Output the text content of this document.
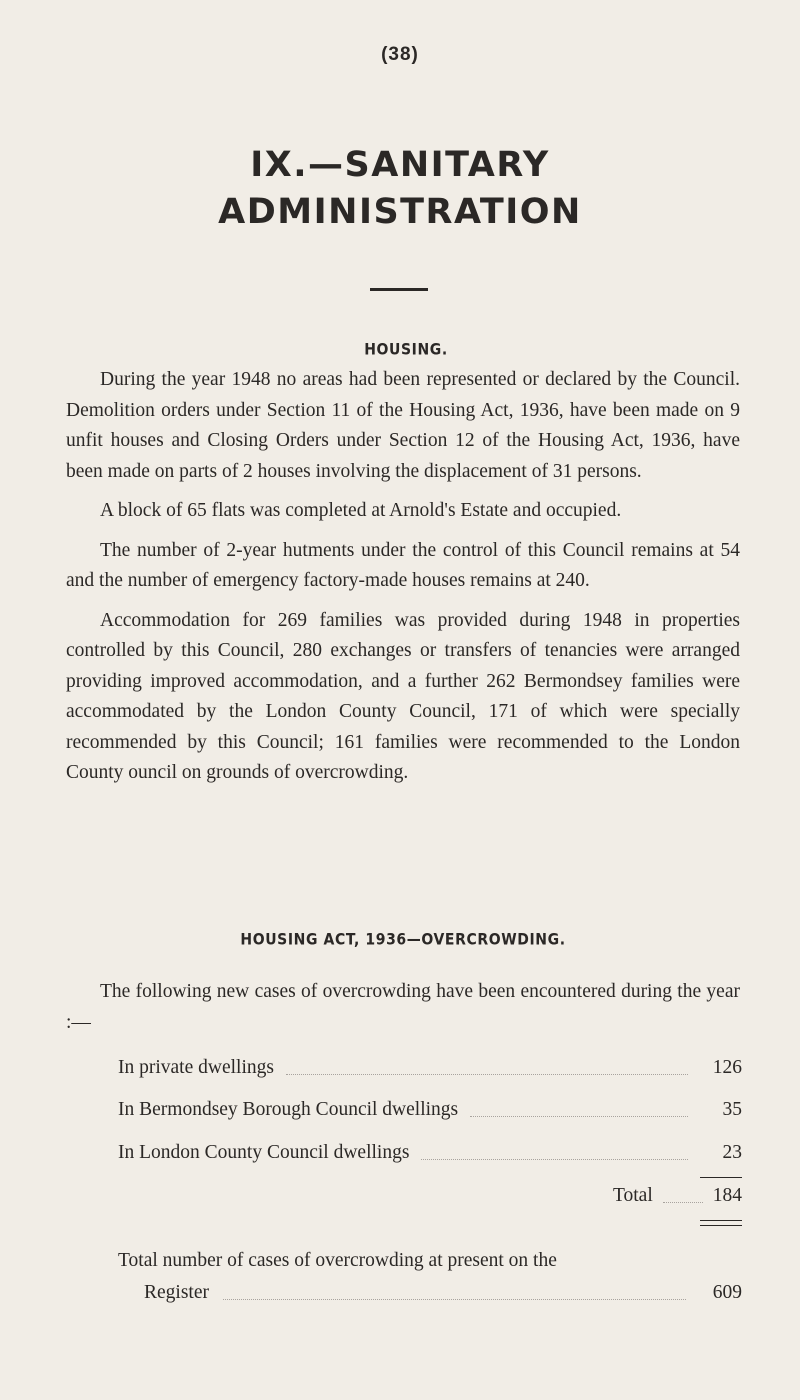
(38)
IX.—SANITARY
ADMINISTRATION
HOUSING.

During the year 1948 no areas had been represented or declared by the Council. Demolition orders under Section 11 of the Housing Act, 1936, have been made on 9 unfit houses and Closing Orders under Section 12 of the Housing Act, 1936, have been made on parts of 2 houses involving the displacement of 31 persons.

A block of 65 flats was completed at Arnold's Estate and occupied.

The number of 2-year hutments under the control of this Council remains at 54 and the number of emergency factory-made houses remains at 240.

Accommodation for 269 families was provided during 1948 in properties controlled by this Council, 280 exchanges or transfers of tenancies were arranged providing improved accommodation, and a further 262 Bermondsey families were accommodated by the London County Council, 171 of which were specially recommended by this Council; 161 families were recommended to the London County ouncil on grounds of overcrowding.

HOUSING ACT, 1936—OVERCROWDING.

The following new cases of overcrowding have been encountered during the year :—

In private dwellings	126
In Bermondsey Borough Council dwellings	35
In London County Council dwellings	23
Total	184
Total number of cases of overcrowding at present on the
Register	609
